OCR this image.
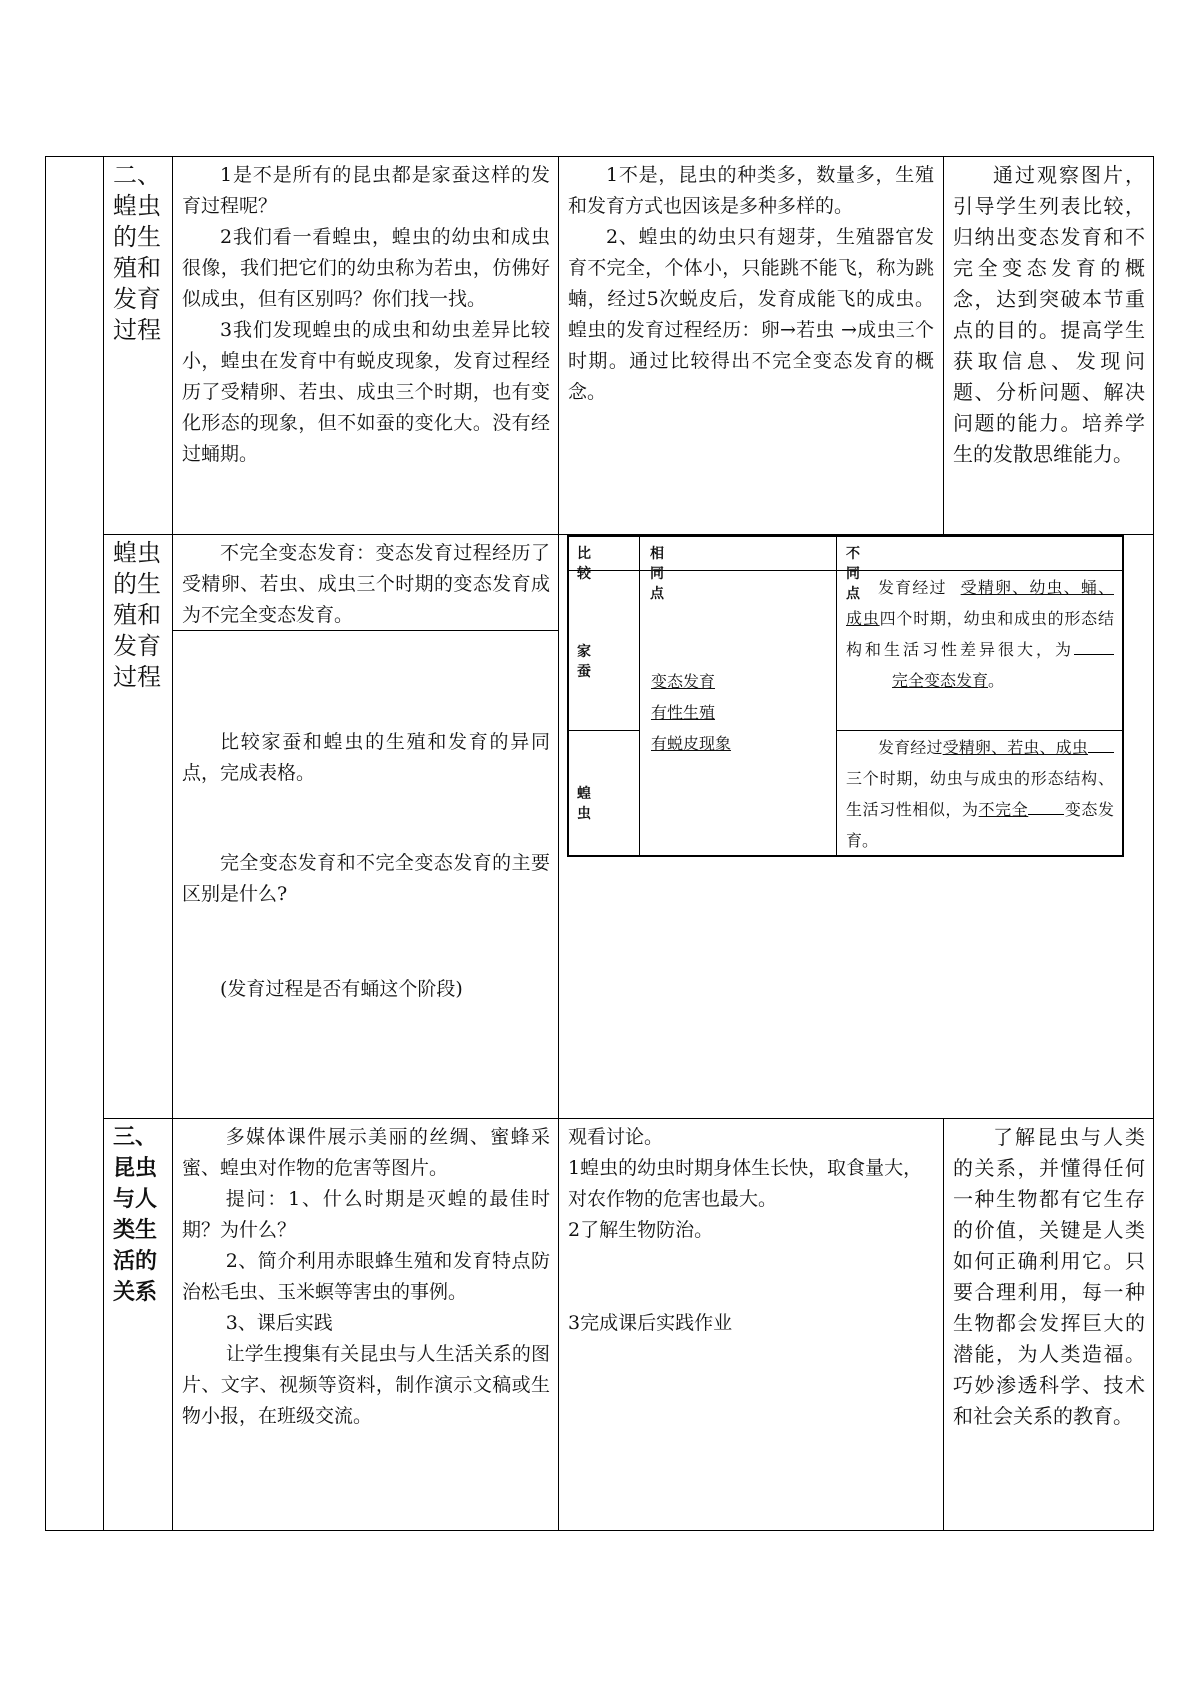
二、蝗虫的生殖和发育过程

1是不是所有的昆虫都是家蚕这样的发育过程呢？

2我们看一看蝗虫，蝗虫的幼虫和成虫很像，我们把它们的幼虫称为若虫，仿佛好似成虫，但有区别吗？你们找一找。

3我们发现蝗虫的成虫和幼虫差异比较小，蝗虫在发育中有蜕皮现象，发育过程经历了受精卵、若虫、成虫三个时期，也有变化形态的现象，但不如蚕的变化大。没有经过蛹期。

1不是，昆虫的种类多，数量多，生殖和发育方式也因该是多种多样的。

2、蝗虫的幼虫只有翅芽，生殖器官发育不完全，个体小，只能跳不能飞，称为跳蝻，经过5次蜕皮后，发育成能飞的成虫。蝗虫的发育过程经历：卵→若虫 →成虫三个时期。通过比较得出不完全变态发育的概念。

通过观察图片，引导学生列表比较，归纳出变态发育和不完全变态发育的概念，达到突破本节重点的目的。提高学生获取信息、发现问题、分析问题、解决问题的能力。培养学生的发散思维能力。

蝗虫的生殖和发育过程

不完全变态发育：变态发育过程经历了受精卵、若虫、成虫三个时期的变态发育成为不完全变态发育。

比较家蚕和蝗虫的生殖和发育的异同点，完成表格。

完全变态发育和不完全变态发育的主要区别是什么?

(发育过程是否有蛹这个阶段)

比较
相同点
不同点
家蚕
蝗虫
变态发育
有性生殖
有蜕皮现象
发育经过 受精卵、幼虫、蛹、成虫四个时期，幼虫和成虫的形态结构和生活习性差异很大，为完全变态发育。
发育经过受精卵、若虫、成虫三个时期，幼虫与成虫的形态结构、生活习性相似，为不完全 变态发育。
三、昆虫与人类生活的关系

多媒体课件展示美丽的丝绸、蜜蜂采蜜、蝗虫对作物的危害等图片。

提问：1、什么时期是灭蝗的最佳时期？为什么？

2、简介利用赤眼蜂生殖和发育特点防治松毛虫、玉米螟等害虫的事例。

3、课后实践

让学生搜集有关昆虫与人生活关系的图片、文字、视频等资料，制作演示文稿或生物小报，在班级交流。

观看讨论。

1蝗虫的幼虫时期身体生长快，取食量大，对农作物的危害也最大。

2了解生物防治。

3完成课后实践作业

了解昆虫与人类的关系，并懂得任何一种生物都有它生存的价值，关键是人类如何正确利用它。只要合理利用，每一种生物都会发挥巨大的潜能，为人类造福。巧妙渗透科学、技术和社会关系的教育。
